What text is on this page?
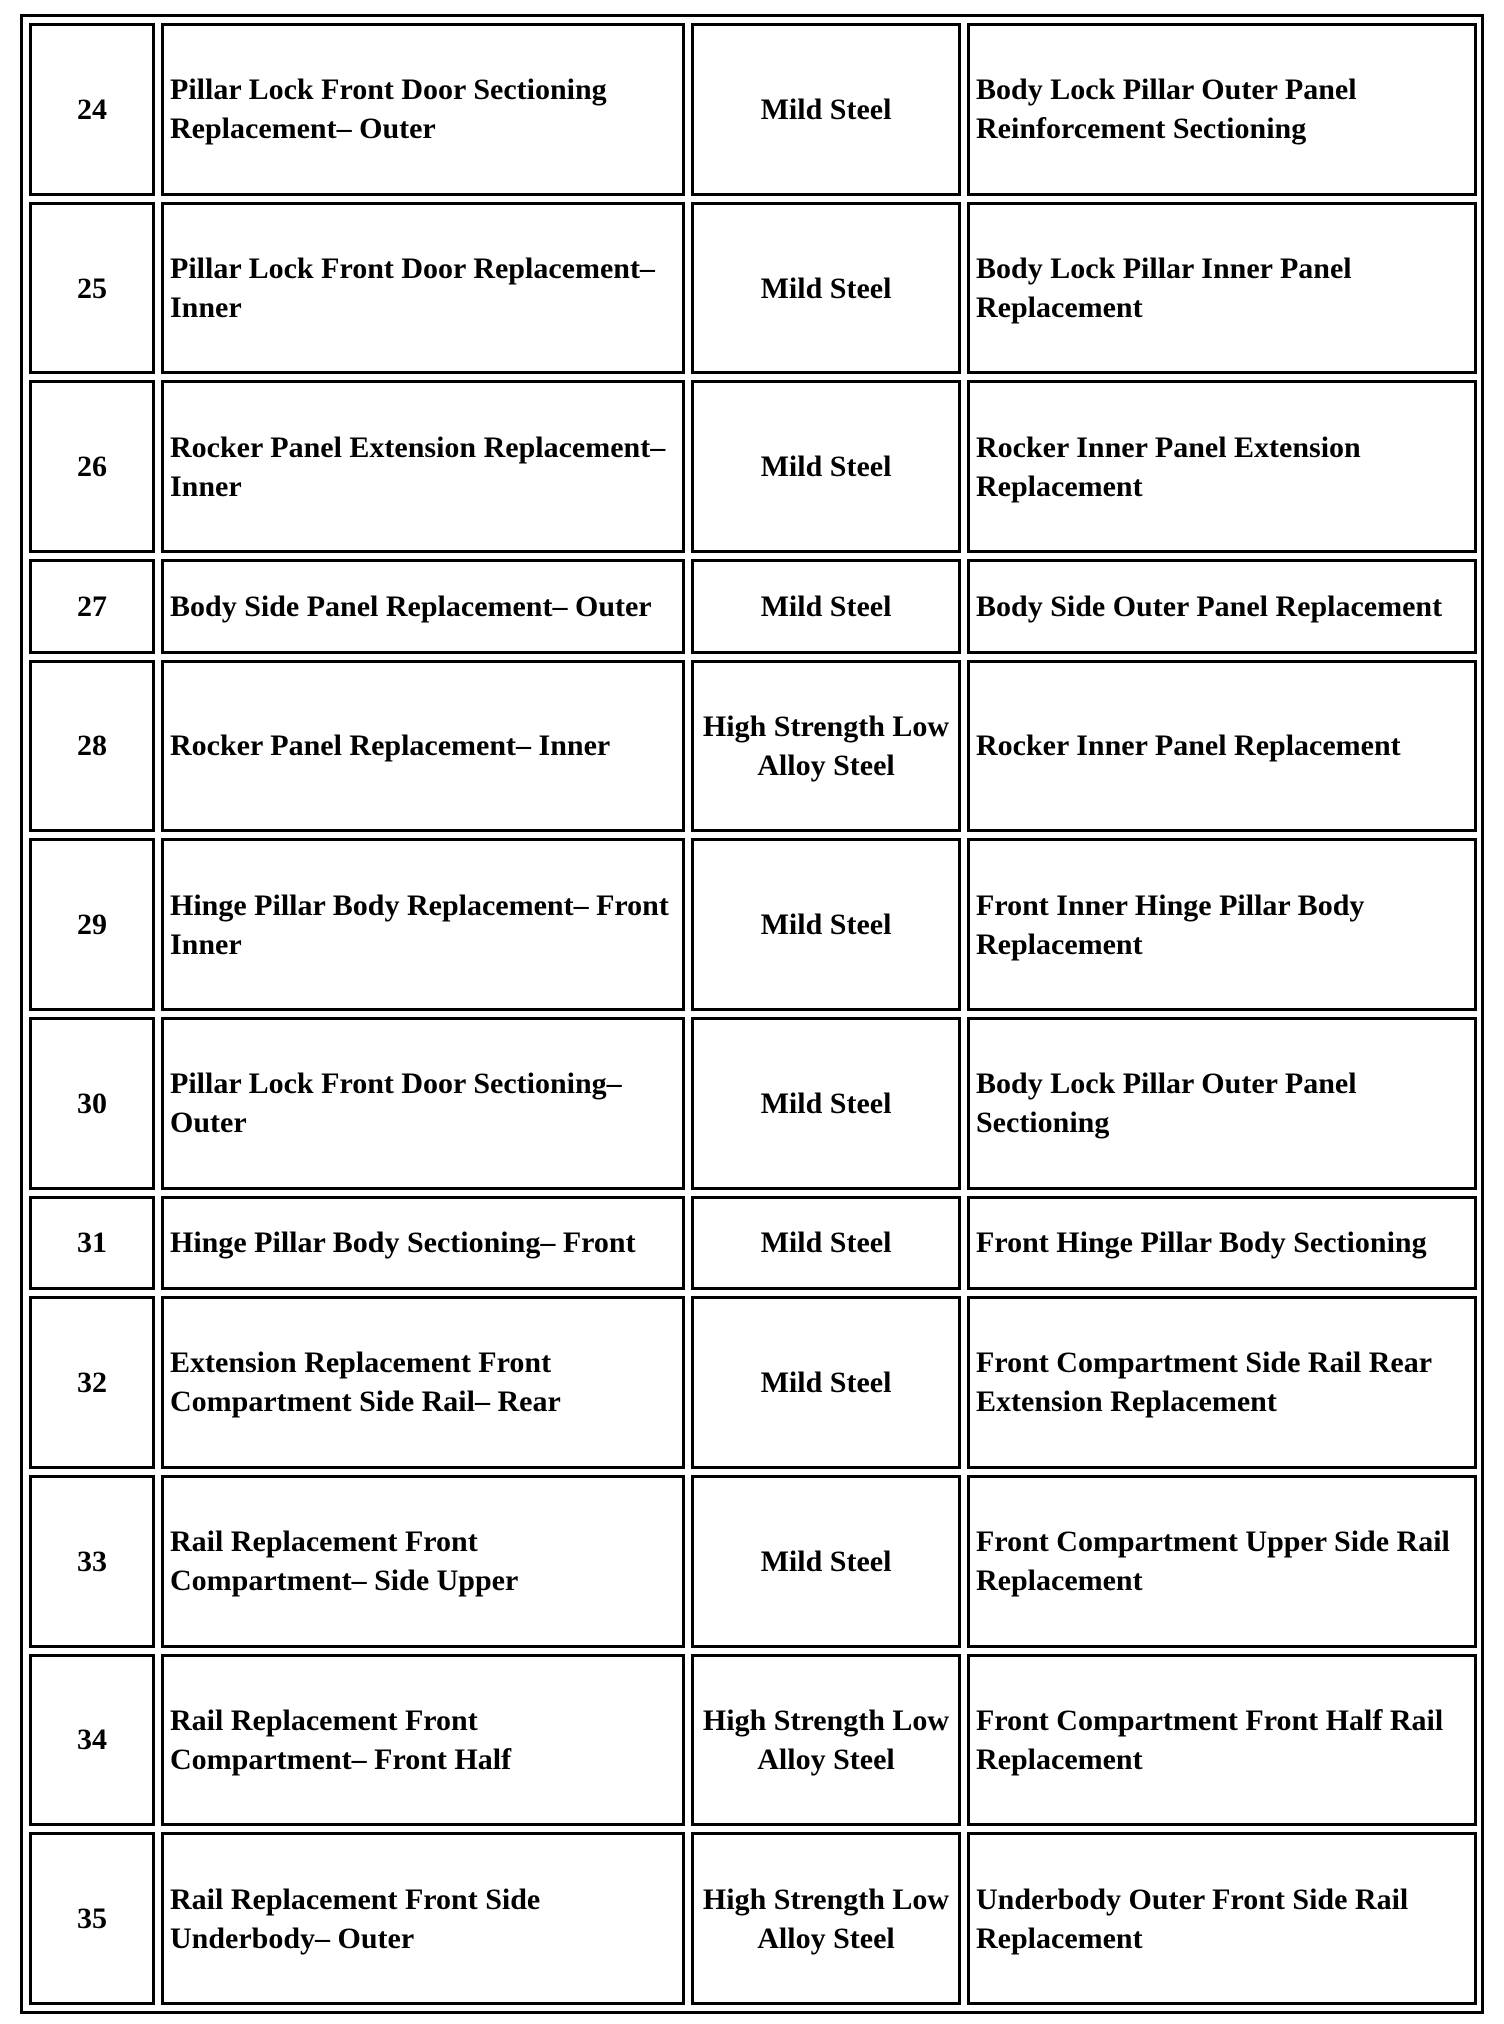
24	Pillar Lock Front Door Sectioning Replacement– Outer	Mild Steel	Body Lock Pillar Outer Panel Reinforcement Sectioning
25	Pillar Lock Front Door Replacement– Inner	Mild Steel	Body Lock Pillar Inner Panel Replacement
26	Rocker Panel Extension Replacement– Inner	Mild Steel	Rocker Inner Panel Extension Replacement
27	Body Side Panel Replacement– Outer	Mild Steel	Body Side Outer Panel Replacement
28	Rocker Panel Replacement– Inner	High Strength Low Alloy Steel	Rocker Inner Panel Replacement
29	Hinge Pillar Body Replacement– Front Inner	Mild Steel	Front Inner Hinge Pillar Body Replacement
30	Pillar Lock Front Door Sectioning– Outer	Mild Steel	Body Lock Pillar Outer Panel Sectioning
31	Hinge Pillar Body Sectioning– Front	Mild Steel	Front Hinge Pillar Body Sectioning
32	Extension Replacement Front Compartment Side Rail– Rear	Mild Steel	Front Compartment Side Rail Rear Extension Replacement
33	Rail Replacement Front Compartment– Side Upper	Mild Steel	Front Compartment Upper Side Rail Replacement
34	Rail Replacement Front Compartment– Front Half	High Strength Low Alloy Steel	Front Compartment Front Half Rail Replacement
35	Rail Replacement Front Side Underbody– Outer	High Strength Low Alloy Steel	Underbody Outer Front Side Rail Replacement
